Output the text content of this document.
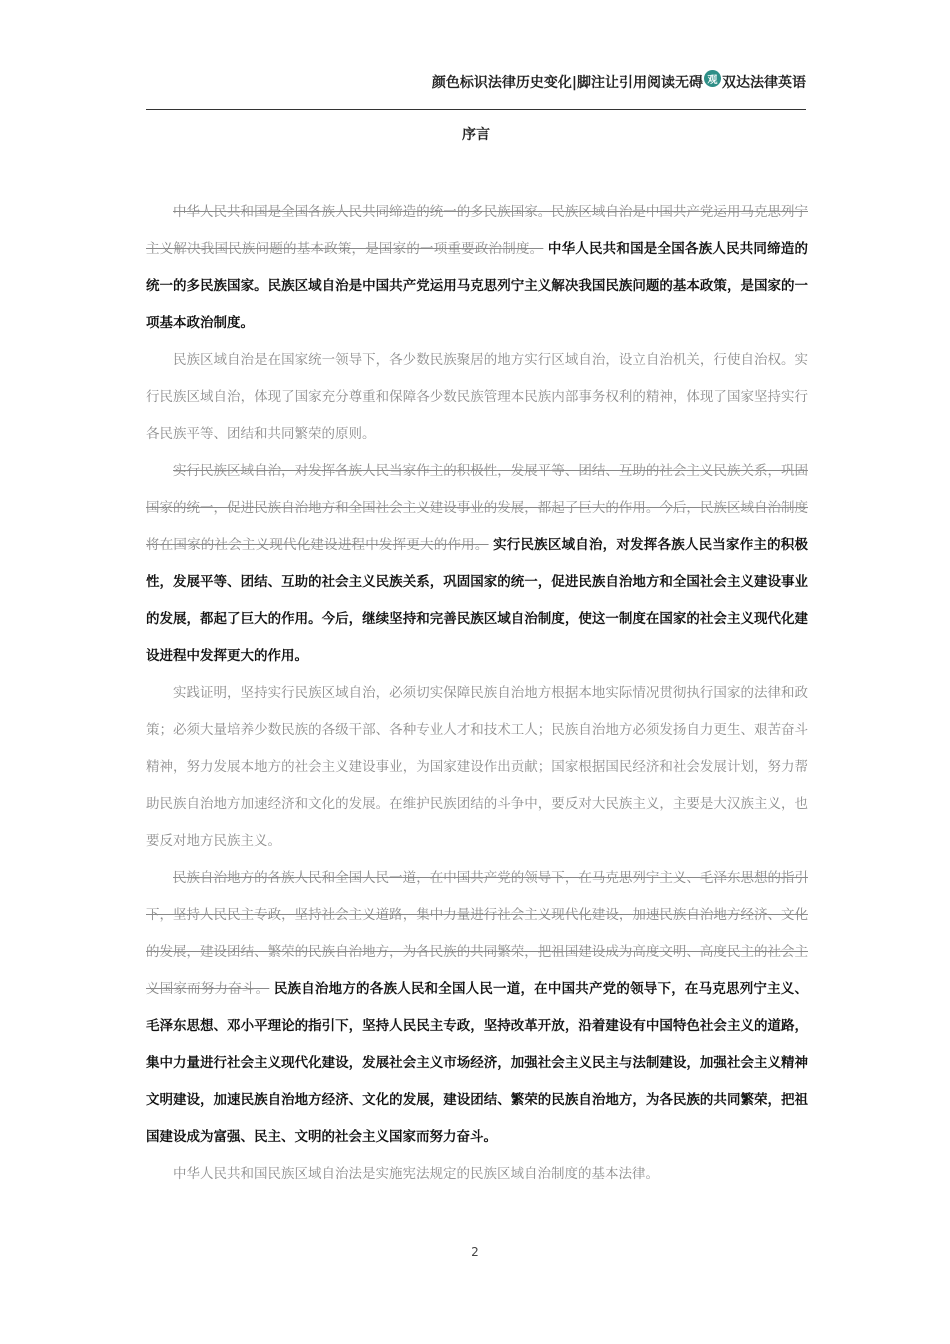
颜色标识法律历史变化|脚注让引用阅读无碍 观 双达法律英语
序言

中华人民共和国是全国各族人民共同缔造的统一的多民族国家。民族区域自治是中国共产党运用马克思列宁主义解决我国民族问题的基本政策，是国家的一项重要政治制度。 中华人民共和国是全国各族人民共同缔造的统一的多民族国家。民族区域自治是中国共产党运用马克思列宁主义解决我国民族问题的基本政策，是国家的一项基本政治制度。

民族区域自治是在国家统一领导下，各少数民族聚居的地方实行区域自治，设立自治机关，行使自治权。实行民族区域自治，体现了国家充分尊重和保障各少数民族管理本民族内部事务权利的精神，体现了国家坚持实行各民族平等、团结和共同繁荣的原则。

实行民族区域自治，对发挥各族人民当家作主的积极性，发展平等、团结、互助的社会主义民族关系，巩固国家的统一，促进民族自治地方和全国社会主义建设事业的发展，都起了巨大的作用。今后，民族区域自治制度将在国家的社会主义现代化建设进程中发挥更大的作用。 实行民族区域自治，对发挥各族人民当家作主的积极性，发展平等、团结、互助的社会主义民族关系，巩固国家的统一，促进民族自治地方和全国社会主义建设事业的发展，都起了巨大的作用。今后，继续坚持和完善民族区域自治制度，使这一制度在国家的社会主义现代化建设进程中发挥更大的作用。

实践证明，坚持实行民族区域自治，必须切实保障民族自治地方根据本地实际情况贯彻执行国家的法律和政策；必须大量培养少数民族的各级干部、各种专业人才和技术工人；民族自治地方必须发扬自力更生、艰苦奋斗精神，努力发展本地方的社会主义建设事业，为国家建设作出贡献；国家根据国民经济和社会发展计划，努力帮助民族自治地方加速经济和文化的发展。在维护民族团结的斗争中，要反对大民族主义，主要是大汉族主义，也要反对地方民族主义。

民族自治地方的各族人民和全国人民一道，在中国共产党的领导下，在马克思列宁主义、毛泽东思想的指引下，坚持人民民主专政，坚持社会主义道路，集中力量进行社会主义现代化建设，加速民族自治地方经济、文化的发展，建设团结、繁荣的民族自治地方，为各民族的共同繁荣，把祖国建设成为高度文明、高度民主的社会主义国家而努力奋斗。 民族自治地方的各族人民和全国人民一道，在中国共产党的领导下，在马克思列宁主义、毛泽东思想、邓小平理论的指引下，坚持人民民主专政，坚持改革开放，沿着建设有中国特色社会主义的道路，集中力量进行社会主义现代化建设，发展社会主义市场经济，加强社会主义民主与法制建设，加强社会主义精神文明建设，加速民族自治地方经济、文化的发展，建设团结、繁荣的民族自治地方，为各民族的共同繁荣，把祖国建设成为富强、民主、文明的社会主义国家而努力奋斗。

中华人民共和国民族区域自治法是实施宪法规定的民族区域自治制度的基本法律。

2
